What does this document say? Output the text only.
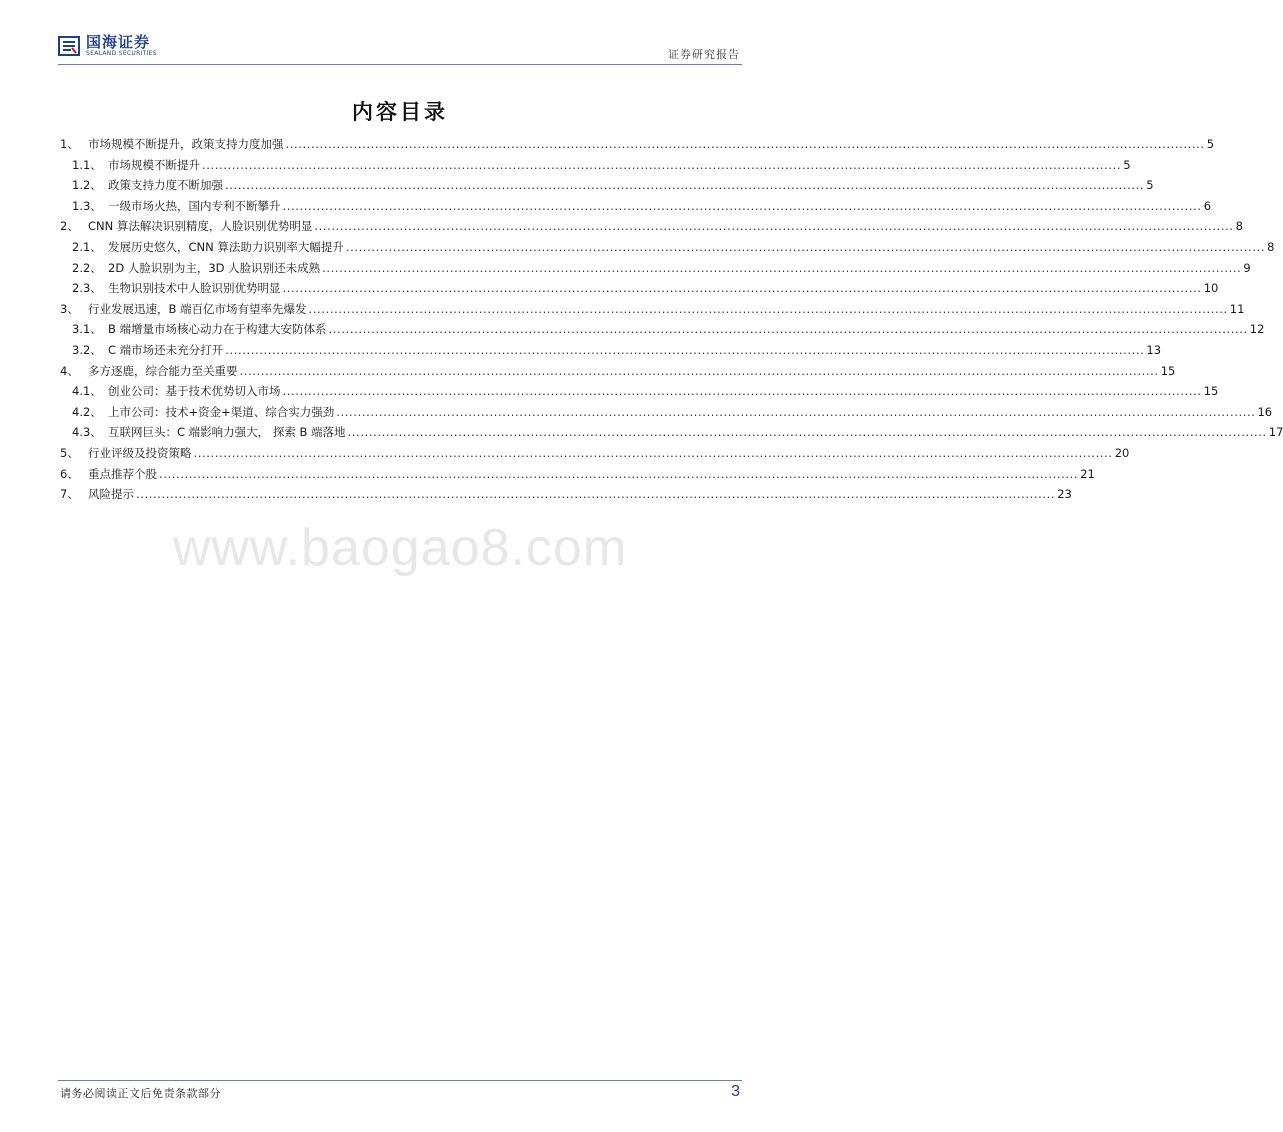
国海证券
SEALAND SECURITIES	证券研究报告
内容目录
1、 市场规模不断提升，政策支持力度加强 ........................................................................................................................................................................................................................ 5
1.1、 市场规模不断提升 ........................................................................................................................................................................................................................ 5
1.2、 政策支持力度不断加强 ........................................................................................................................................................................................................................ 5
1.3、 一级市场火热，国内专利不断攀升 ........................................................................................................................................................................................................................ 6
2、 CNN 算法解决识别精度，人脸识别优势明显 ........................................................................................................................................................................................................................ 8
2.1、 发展历史悠久，CNN 算法助力识别率大幅提升 ........................................................................................................................................................................................................................ 8
2.2、 2D 人脸识别为主，3D 人脸识别还未成熟 ........................................................................................................................................................................................................................ 9
2.3、 生物识别技术中人脸识别优势明显 ........................................................................................................................................................................................................................ 10
3、 行业发展迅速，B 端百亿市场有望率先爆发 ........................................................................................................................................................................................................................ 11
3.1、 B 端增量市场核心动力在于构建大安防体系 ........................................................................................................................................................................................................................ 12
3.2、 C 端市场还未充分打开 ........................................................................................................................................................................................................................ 13
4、 多方逐鹿，综合能力至关重要 ........................................................................................................................................................................................................................ 15
4.1、 创业公司：基于技术优势切入市场 ........................................................................................................................................................................................................................ 15
4.2、 上市公司：技术+资金+渠道、综合实力强劲 ........................................................................................................................................................................................................................ 16
4.3、 互联网巨头：C 端影响力强大， 探索 B 端落地 ........................................................................................................................................................................................................................ 17
5、 行业评级及投资策略 ........................................................................................................................................................................................................................ 20
6、 重点推荐个股 ........................................................................................................................................................................................................................ 21
7、 风险提示 ........................................................................................................................................................................................................................ 23
www.baogao8.com
请务必阅读正文后免责条款部分	3
